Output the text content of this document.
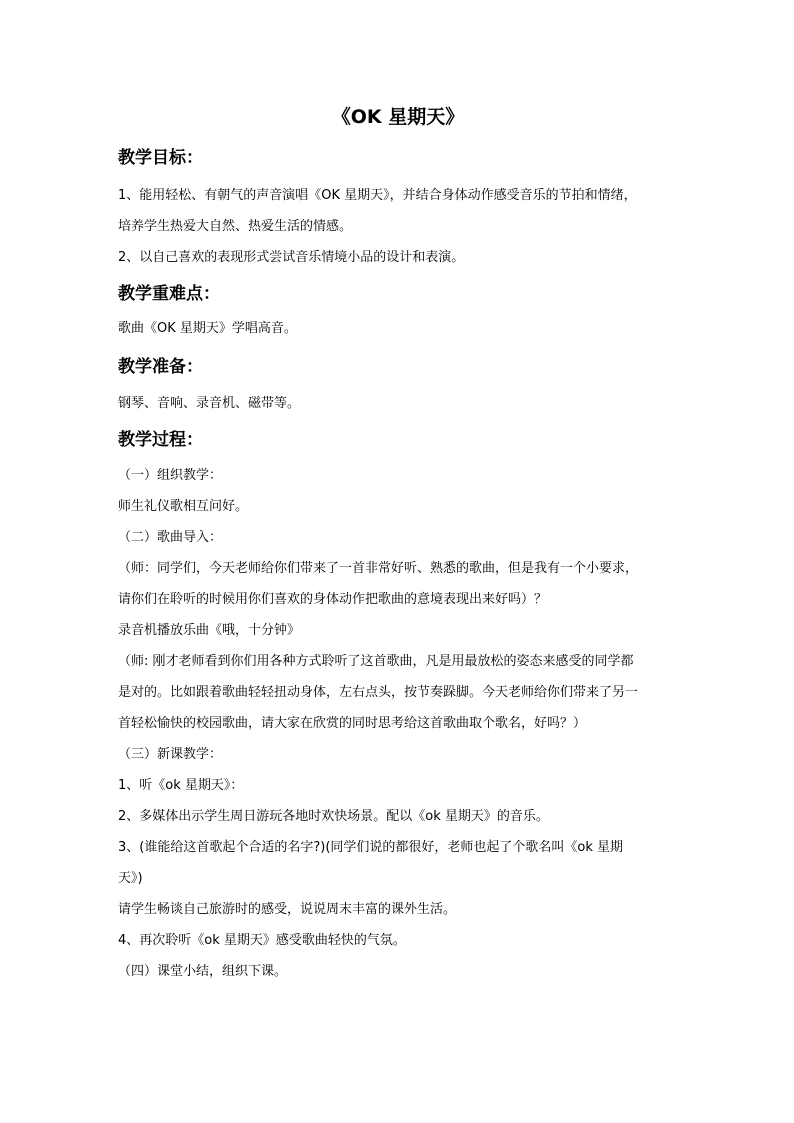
《OK 星期天》
教学目标：
1、能用轻松、有朝气的声音演唱《OK 星期天》，并结合身体动作感受音乐的节拍和情绪，
培养学生热爱大自然、热爱生活的情感。
2、以自己喜欢的表现形式尝试音乐情境小品的设计和表演。
教学重难点：
歌曲《OK 星期天》学唱高音。
教学准备：
钢琴、音响、录音机、磁带等。
教学过程：
（一）组织教学：
师生礼仪歌相互问好。
（二）歌曲导入：
（师：同学们，今天老师给你们带来了一首非常好听、熟悉的歌曲，但是我有一个小要求，
请你们在聆听的时候用你们喜欢的身体动作把歌曲的意境表现出来好吗）？
录音机播放乐曲《哦，十分钟》
（师: 刚才老师看到你们用各种方式聆听了这首歌曲，凡是用最放松的姿态来感受的同学都
是对的。比如跟着歌曲轻轻扭动身体，左右点头，按节奏跺脚。今天老师给你们带来了另一
首轻松愉快的校园歌曲，请大家在欣赏的同时思考给这首歌曲取个歌名，好吗？）
（三）新课教学：
1、听《ok 星期天》：
2、多媒体出示学生周日游玩各地时欢快场景。配以《ok 星期天》的音乐。
3、(谁能给这首歌起个合适的名字?)(同学们说的都很好，老师也起了个歌名叫《ok 星期
天》)
请学生畅谈自己旅游时的感受，说说周末丰富的课外生活。
4、再次聆听《ok 星期天》感受歌曲轻快的气氛。
（四）课堂小结，组织下课。
